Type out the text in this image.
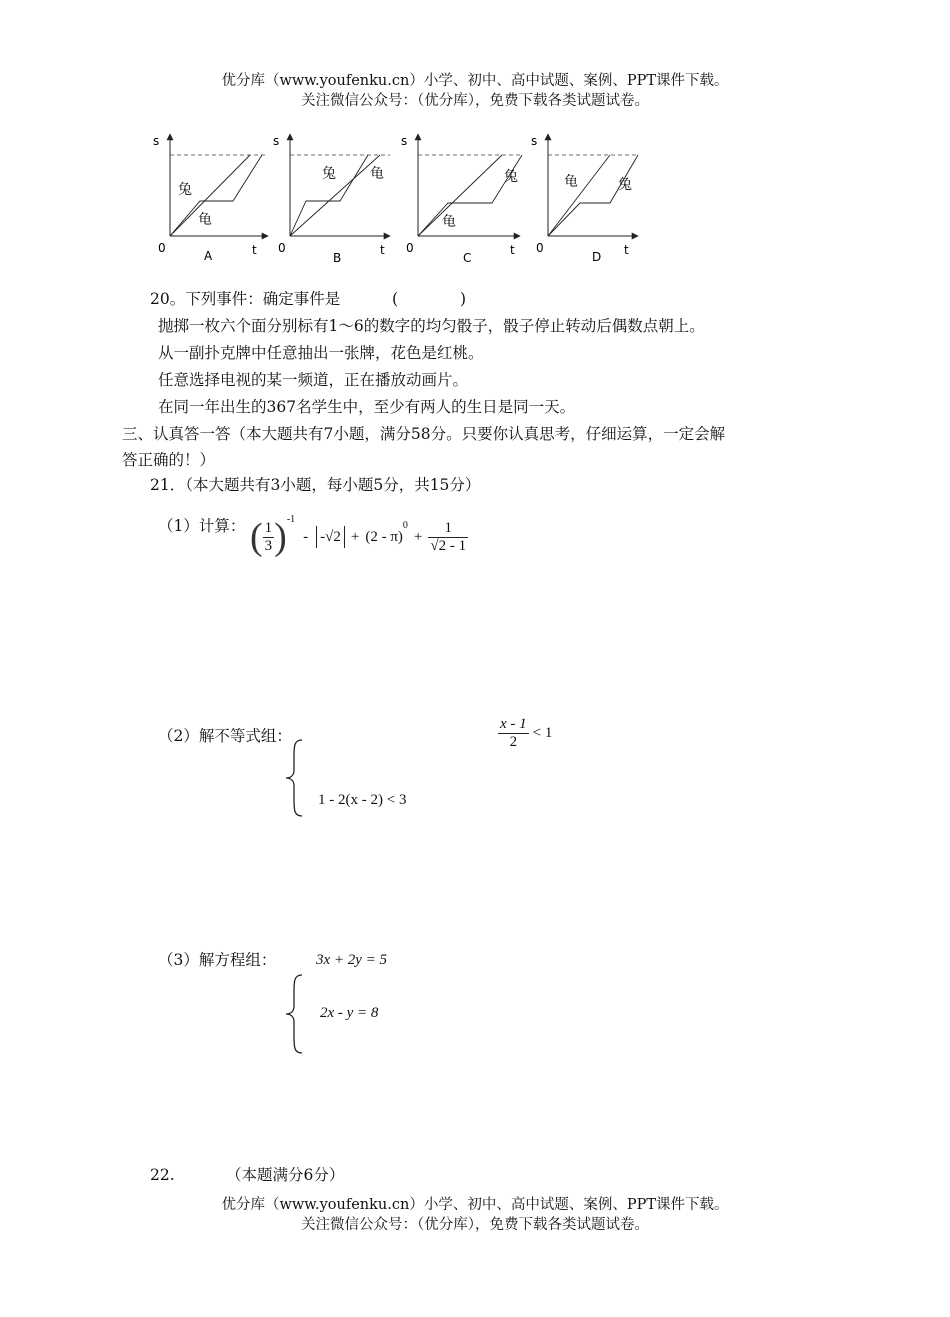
优分库（www.youfenku.cn）小学、初中、高中试题、案例、PPT课件下载。
关注微信公众号：（优分库），免费下载各类试题试卷。
s
0	t
兔
龟
A
s
0	t
兔 龟
B
s
0	t
兔
龟
C
s
0	t
龟	兔
D
20。下列事件：确定事件是	(　　　　)
抛掷一枚六个面分别标有1～6的数字的均匀骰子，骰子停止转动后偶数点朝上。
从一副扑克牌中任意抽出一张牌，花色是红桃。
任意选择电视的某一频道，正在播放动画片。
在同一年出生的367名学生中，至少有两人的生日是同一天。
三、认真答一答（本大题共有7小题，满分58分。只要你认真思考，仔细运算，一定会解
答正确的！）
21．（本大题共有3小题，每小题5分，共15分）
（1）计算： ( $\frac{1}{3} )^{-1}$
- -√2 + (2 - π)
$^0$
+ $\frac{1}{√2 - 1}$
（2）解不等式组：	$\frac{x - 1}{2} < 1$
1 - 2(x - 2) < 3
（3）解方程组：	3x + 2y = 5
2x - y = 8
22.	（本题满分6分）
优分库（www.youfenku.cn）小学、初中、高中试题、案例、PPT课件下载。
关注微信公众号：（优分库），免费下载各类试题试卷。
